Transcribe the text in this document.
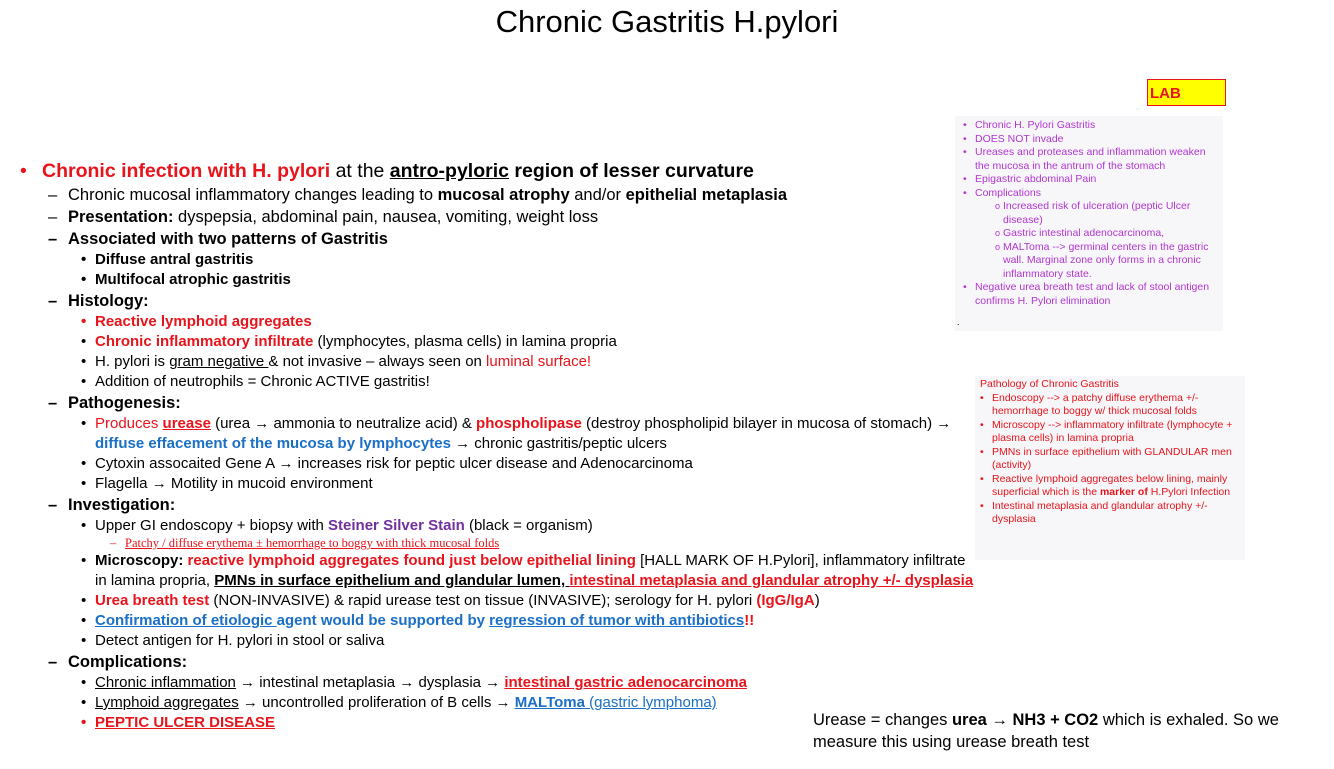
Chronic Gastritis H.pylori
LAB
• Chronic H. Pylori Gastritis
• DOES NOT invade
• Ureases and proteases and inflammation weaken the mucosa in the antrum of the stomach
• Epigastric abdominal Pain
• Complications
o Increased risk of ulceration (peptic Ulcer disease)
o Gastric intestinal adenocarcinoma,
o MALToma --> germinal centers in the gastric wall. Marginal zone only forms in a chronic inflammatory state.
• Negative urea breath test and lack of stool antigen confirms H. Pylori elimination
.
Pathology of Chronic Gastritis
• Endoscopy --> a patchy diffuse erythema +/- hemorrhage to boggy w/ thick mucosal folds
• Microscopy --> inflammatory infiltrate (lymphocyte + plasma cells) in lamina propria
• PMNs in surface epithelium with GLANDULAR men (activity)
• Reactive lymphoid aggregates below lining, mainly superficial which is the marker of H.Pylori Infection
• Intestinal metaplasia and glandular atrophy +/- dysplasia
• Chronic infection with H. pylori at the antro-pyloric region of lesser curvature
– Chronic mucosal inflammatory changes leading to mucosal atrophy and/or epithelial metaplasia
– Presentation: dyspepsia, abdominal pain, nausea, vomiting, weight loss
– Associated with two patterns of Gastritis
• Diffuse antral gastritis
• Multifocal atrophic gastritis
– Histology:
• Reactive lymphoid aggregates
• Chronic inflammatory infiltrate (lymphocytes, plasma cells) in lamina propria
• H. pylori is gram negative & not invasive – always seen on luminal surface!
• Addition of neutrophils = Chronic ACTIVE gastritis!
– Pathogenesis:
• Produces urease (urea → ammonia to neutralize acid) & phospholipase (destroy phospholipid bilayer in mucosa of stomach) →
diffuse effacement of the mucosa by lymphocytes → chronic gastritis/peptic ulcers
• Cytoxin assocaited Gene A → increases risk for peptic ulcer disease and Adenocarcinoma
• Flagella → Motility in mucoid environment
– Investigation:
• Upper GI endoscopy + biopsy with Steiner Silver Stain (black = organism)
– Patchy / diffuse erythema ± hemorrhage to boggy with thick mucosal folds
• Microscopy: reactive lymphoid aggregates found just below epithelial lining [HALL MARK OF H.Pylori], inflammatory infiltrate
in lamina propria, PMNs in surface epithelium and glandular lumen, intestinal metaplasia and glandular atrophy +/- dysplasia
• Urea breath test (NON-INVASIVE) & rapid urease test on tissue (INVASIVE); serology for H. pylori (IgG/IgA)
• Confirmation of etiologic agent would be supported by regression of tumor with antibiotics!!
• Detect antigen for H. pylori in stool or saliva
– Complications:
• Chronic inflammation → intestinal metaplasia → dysplasia → intestinal gastric adenocarcinoma
• Lymphoid aggregates → uncontrolled proliferation of B cells → MALToma (gastric lymphoma)
• PEPTIC ULCER DISEASE	Urease = changes urea → NH3 + CO2 which is exhaled. So we measure this using urease breath test
